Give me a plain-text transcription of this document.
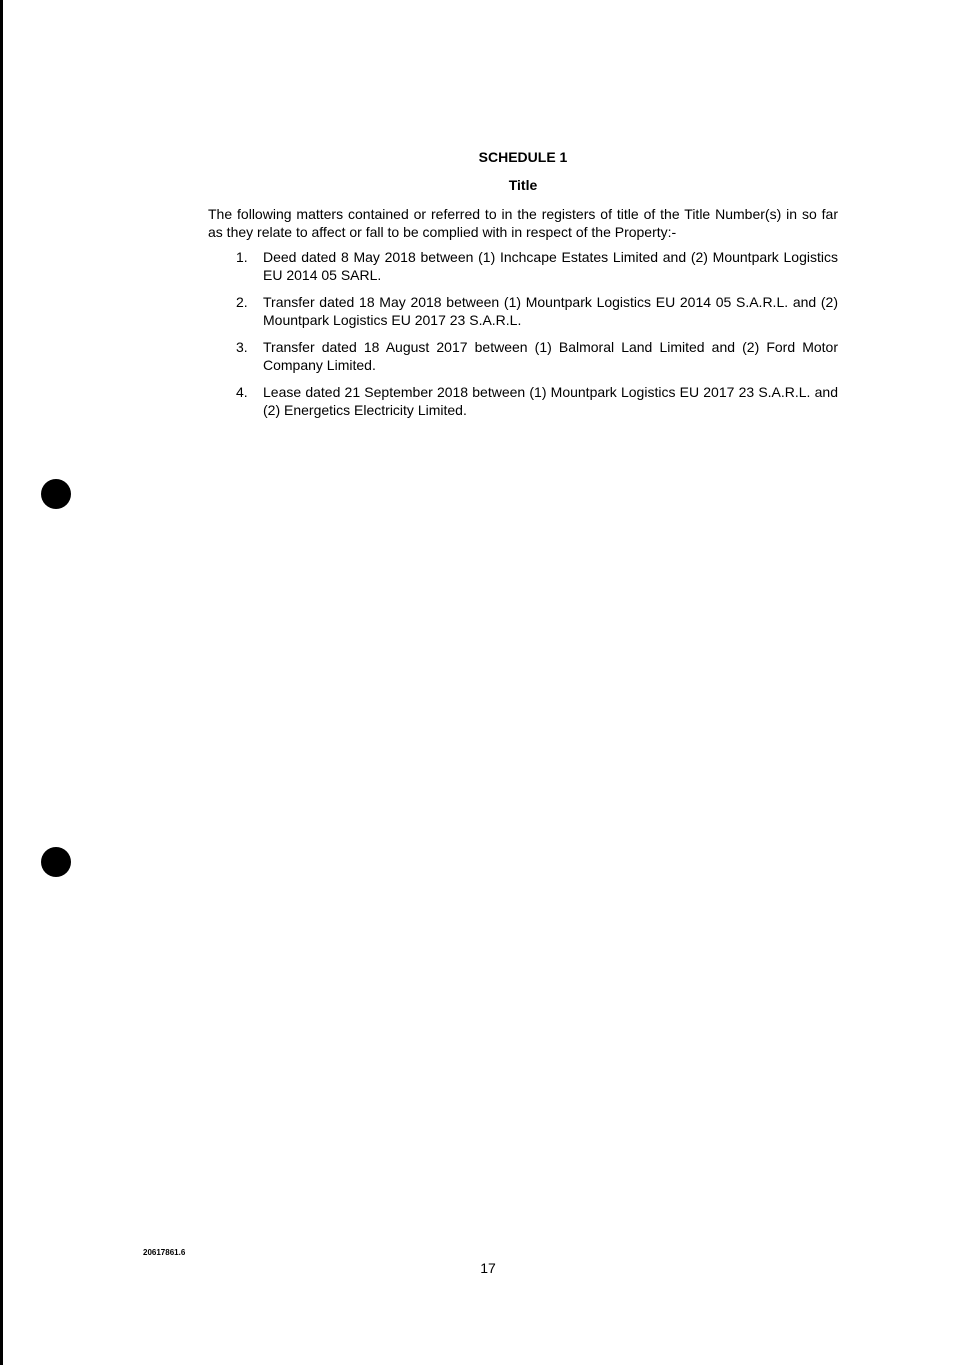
SCHEDULE 1
Title
The following matters contained or referred to in the registers of title of the Title Number(s) in so far as they relate to affect or fall to be complied with in respect of the Property:-
1. Deed dated 8 May 2018 between (1) Inchcape Estates Limited and (2) Mountpark Logistics EU 2014 05 SARL.
2. Transfer dated 18 May 2018 between (1) Mountpark Logistics EU 2014 05 S.A.R.L. and (2) Mountpark Logistics EU 2017 23 S.A.R.L.
3. Transfer dated 18 August 2017 between (1) Balmoral Land Limited and (2) Ford Motor Company Limited.
4. Lease dated 21 September 2018 between (1) Mountpark Logistics EU 2017 23 S.A.R.L. and (2) Energetics Electricity Limited.
20617861.6
17
